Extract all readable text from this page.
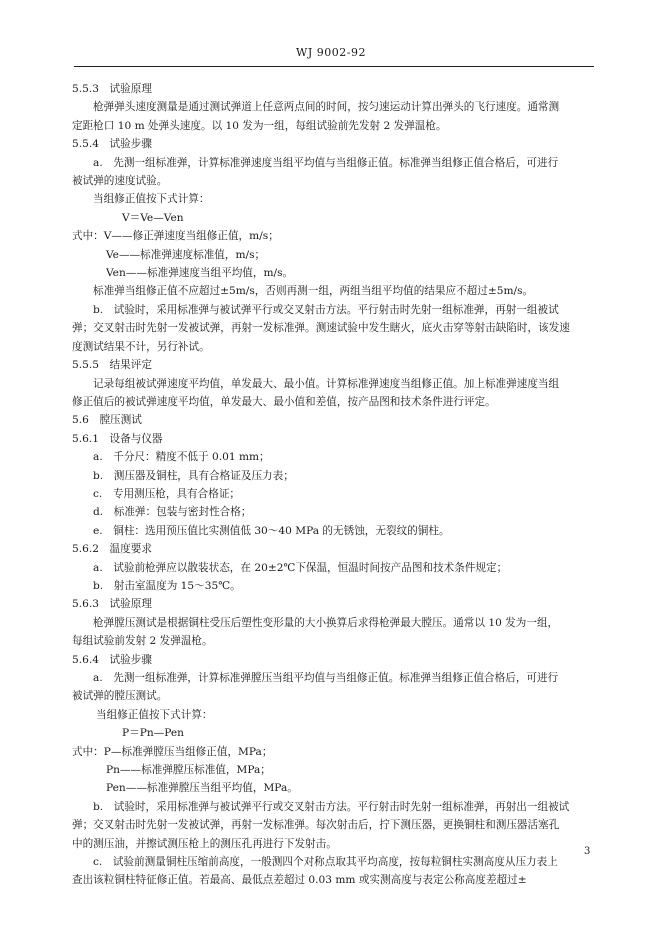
WJ 9002-92
5.5.3　试验原理
枪弹弹头速度测量是通过测试弹道上任意两点间的时间，按匀速运动计算出弹头的飞行速度。通常测
定距枪口 10 m 处弹头速度。以 10 发为一组，每组试验前先发射 2 发弹温枪。
5.5.4　试验步骤
a.　先测一组标准弹，计算标准弹速度当组平均值与当组修正值。标准弹当组修正值合格后，可进行
被试弹的速度试验。
当组修正值按下式计算：
V＝Ve—Ven
式中：V——修正弹速度当组修正值，m/s；
Ve——标准弹速度标准值，m/s；
Ven——标准弹速度当组平均值，m/s。
标准弹当组修正值不应超过±5m/s，否则再测一组，两组当组平均值的结果应不超过±5m/s。
b.　试验时，采用标准弹与被试弹平行或交叉射击方法。平行射击时先射一组标准弹，再射一组被试
弹；交叉射击时先射一发被试弹，再射一发标准弹。测速试验中发生瞎火，底火击穿等射击缺陷时，该发速
度测试结果不计，另行补试。
5.5.5　结果评定
记录每组被试弹速度平均值，单发最大、最小值。计算标准弹速度当组修正值。加上标准弹速度当组
修正值后的被试弹速度平均值，单发最大、最小值和差值，按产品图和技术条件进行评定。
5.6　膛压测试
5.6.1　设备与仪器
a.　千分尺：精度不低于 0.01 mm；
b.　测压器及铜柱，具有合格证及压力表；
c.　专用测压枪，具有合格证；
d.　标准弹：包装与密封性合格；
e.　铜柱：选用预压值比实测值低 30～40 MPa 的无锈蚀，无裂纹的铜柱。
5.6.2　温度要求
a.　试验前枪弹应以散装状态，在 20±2℃下保温，恒温时间按产品图和技术条件规定；
b.　射击室温度为 15～35℃。
5.6.3　试验原理
枪弹膛压测试是根据铜柱受压后塑性变形量的大小换算后求得枪弹最大膛压。通常以 10 发为一组，
每组试验前发射 2 发弹温枪。
5.6.4　试验步骤
a.　先测一组标准弹，计算标准弹膛压当组平均值与当组修正值。标准弹当组修正值合格后，可进行
被试弹的膛压测试。
当组修正值按下式计算：
P＝Pn—Pen
式中：P—标准弹膛压当组修正值，MPa；
Pn——标准弹膛压标准值，MPa；
Pen——标准弹膛压当组平均值，MPa。
b.　试验时，采用标准弹与被试弹平行或交叉射击方法。平行射击时先射一组标准弹，再射出一组被试
弹；交叉射击时先射一发被试弹，再射一发标准弹。每次射击后，拧下测压器，更换铜柱和测压器活塞孔
中的测压油，并擦试测压枪上的测压孔再进行下发射击。
c.　试验前测量铜柱压缩前高度，一般测四个对称点取其平均高度，按每粒铜柱实测高度从压力表上
查出该粒铜柱特征修正值。若最高、最低点差超过 0.03 mm 或实测高度与表定公称高度差超过±
3
